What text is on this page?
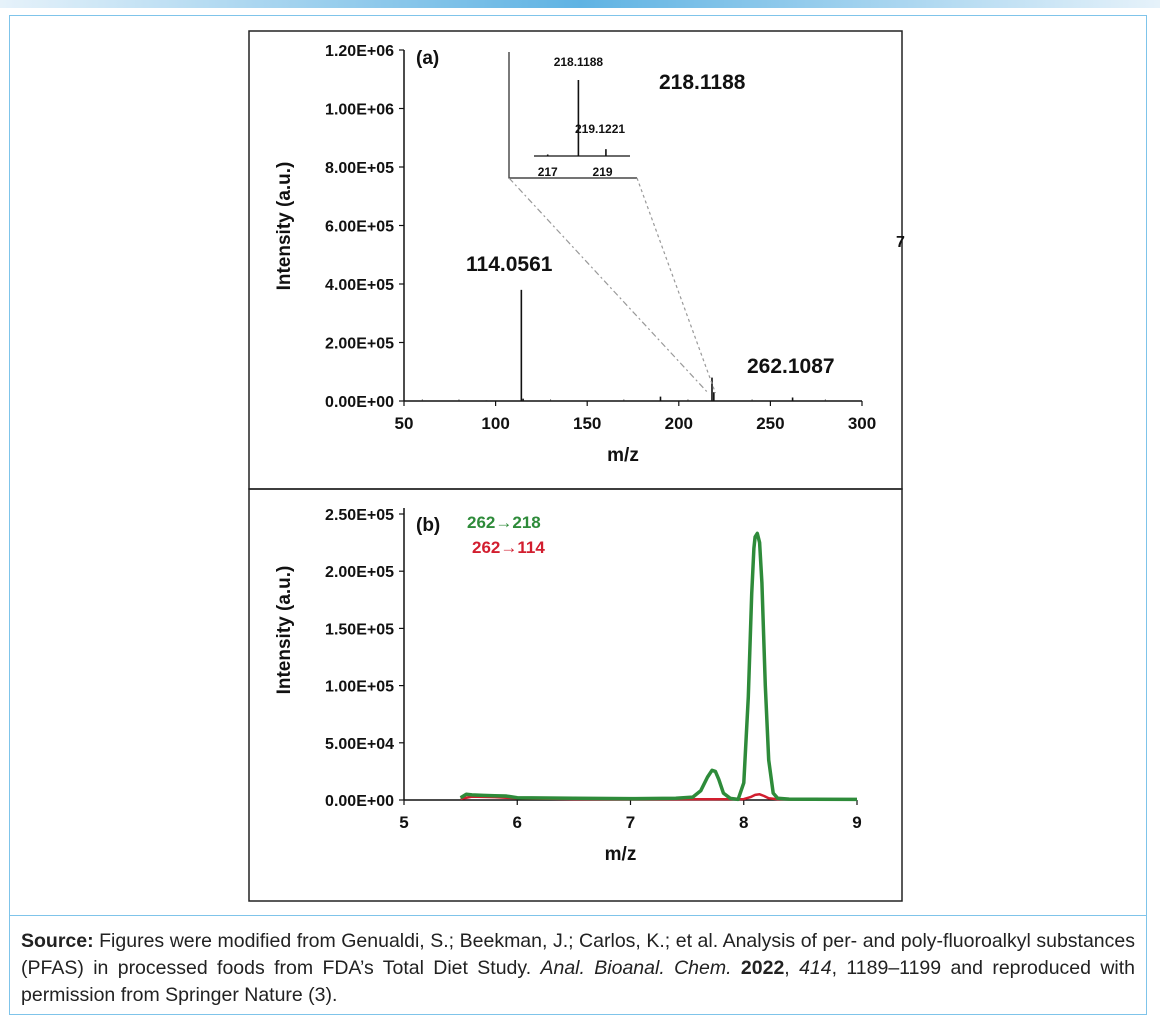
0.00E+00
2.00E+05
4.00E+05
6.00E+05
8.00E+05
1.00E+06
1.20E+06
50	100	150	200	250	300
m/z
Intensity (a.u.)
(a)
114.0561
218.1188
262.1087
7
217	219
218.1188
219.1221
0.00E+00
5.00E+04
1.00E+05
1.50E+05
2.00E+05
2.50E+05
5	6	7	8	9
m/z
Intensity (a.u.)
(b) 262→218
262→114
Source: Figures were modified from Genualdi, S.; Beekman, J.; Carlos, K.; et al. Analysis of per- and poly-fluoroalkyl substances (PFAS) in processed foods from FDA’s Total Diet Study. Anal. Bioanal. Chem. 2022, 414, 1189–1199 and reproduced with permission from Springer Nature (3).
